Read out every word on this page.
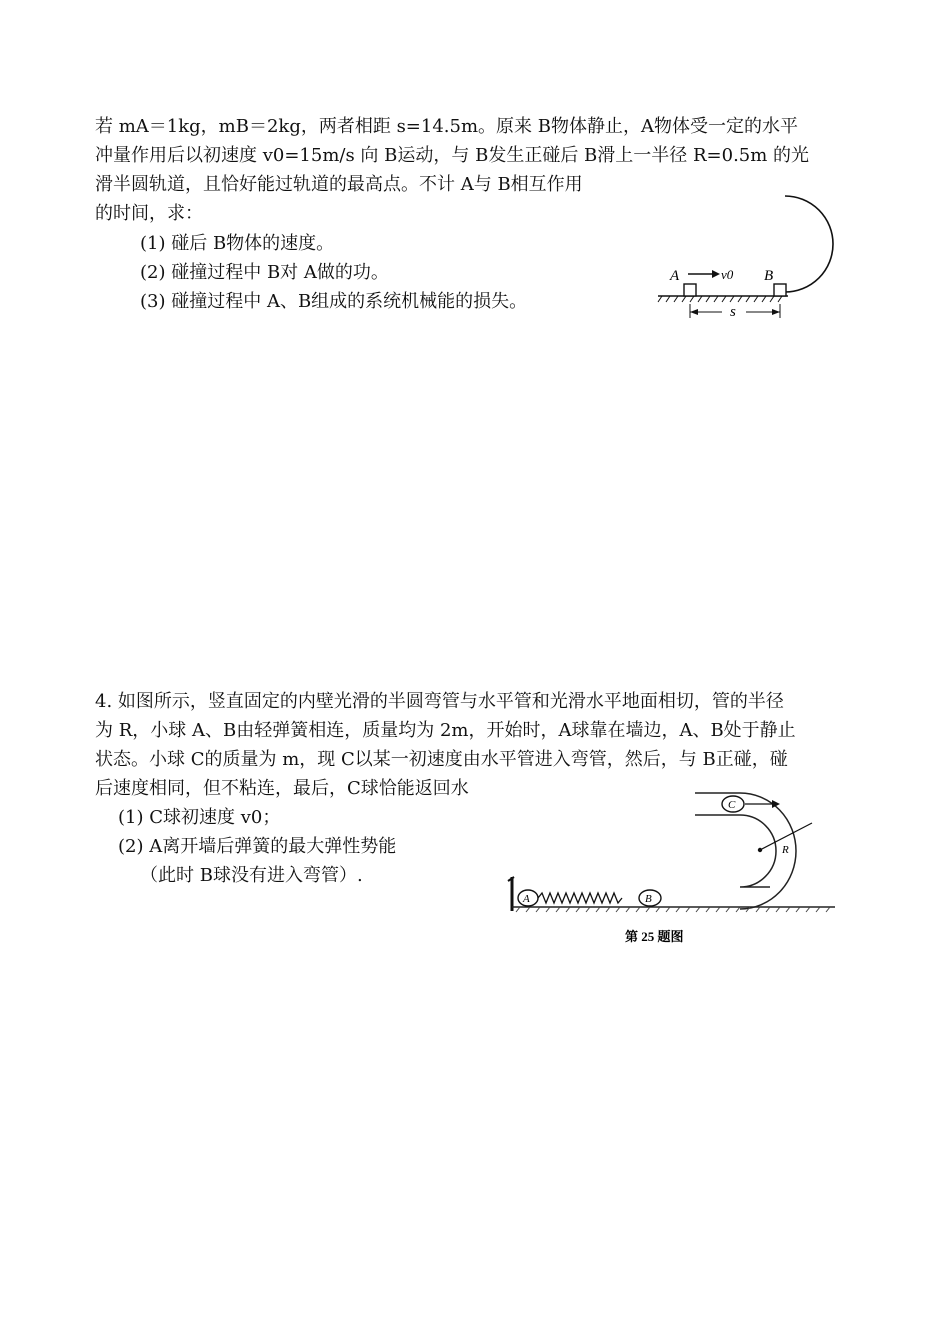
若 mA＝1kg，mB＝2kg，两者相距 s=14.5m。原来 B物体静止，A物体受一定的水平
冲量作用后以初速度 v0=15m/s 向 B运动，与 B发生正碰后 B滑上一半径 R=0.5m 的光
滑半圆轨道，且恰好能过轨道的最高点。不计 A与 B相互作用
的时间，求：
(1) 碰后 B物体的速度。
(2) 碰撞过程中 B对 A做的功。
(3) 碰撞过程中 A、B组成的系统机械能的损失。
A	v0 B
s
4. 如图所示，竖直固定的内壁光滑的半圆弯管与水平管和光滑水平地面相切，管的半径
为 R，小球 A、B由轻弹簧相连，质量均为 2m，开始时，A球靠在墙边，A、B处于静止
状态。小球 C的质量为 m，现 C以某一初速度由水平管进入弯管，然后，与 B正碰，碰
后速度相同，但不粘连，最后，C球恰能返回水
(1) C球初速度 v0；
(2) A离开墙后弹簧的最大弹性势能
（此时 B球没有进入弯管）.
A	B
C
R
第 25 题图
